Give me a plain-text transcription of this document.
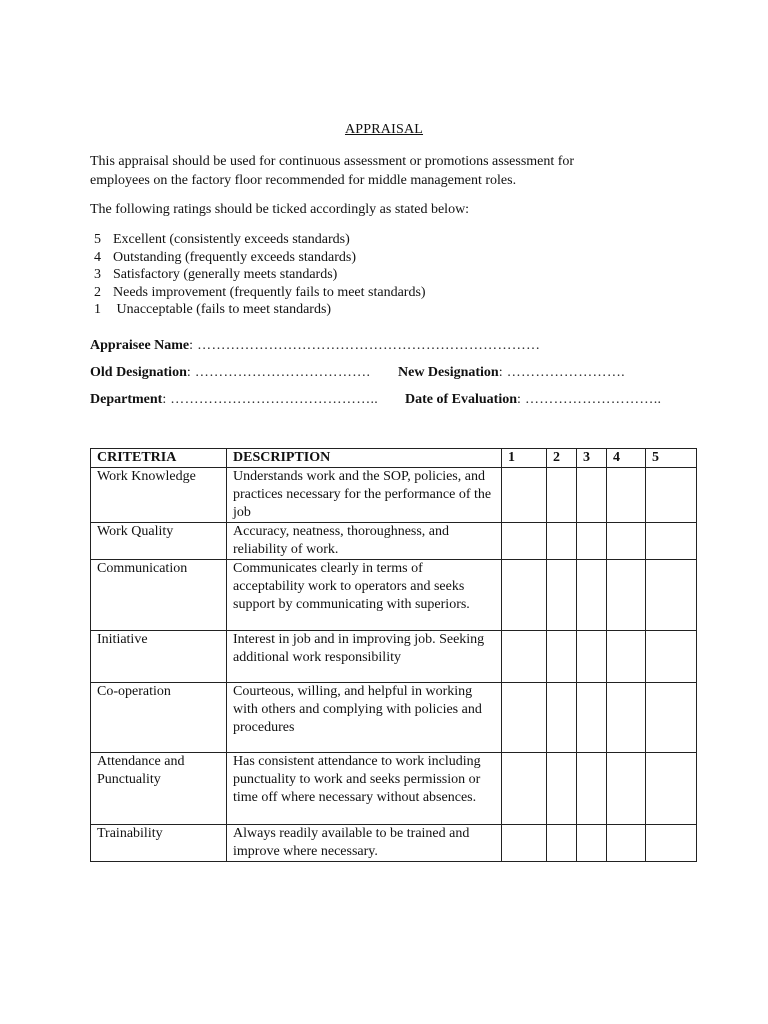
APPRAISAL
This appraisal should be used for continuous assessment or promotions assessment for
employees on the factory floor recommended for middle management roles.
The following ratings should be ticked accordingly as stated below:
5 Excellent (consistently exceeds standards)
4 Outstanding (frequently exceeds standards)
3 Satisfactory (generally meets standards)
2 Needs improvement (frequently fails to meet standards)
1 Unacceptable (fails to meet standards)
Appraisee Name: ………………………………………………………………
Old Designation: ………………………………. New Designation: …………………….
Department: …………………………………….. Date of Evaluation: ………………………..
CRITETRIA	DESCRIPTION	1	2	3	4	5
Work Knowledge	Understands work and the SOP, policies, and practices necessary for the performance of the job					
Work Quality	Accuracy, neatness, thoroughness, and reliability of work.					
Communication	Communicates clearly in terms of acceptability work to operators and seeks support by communicating with superiors.					
Initiative	Interest in job and in improving job. Seeking additional work responsibility					
Co-operation	Courteous, willing, and helpful in working with others and complying with policies and procedures					
Attendance and Punctuality	Has consistent attendance to work including punctuality to work and seeks permission or time off where necessary without absences.					
Trainability	Always readily available to be trained and improve where necessary.					
